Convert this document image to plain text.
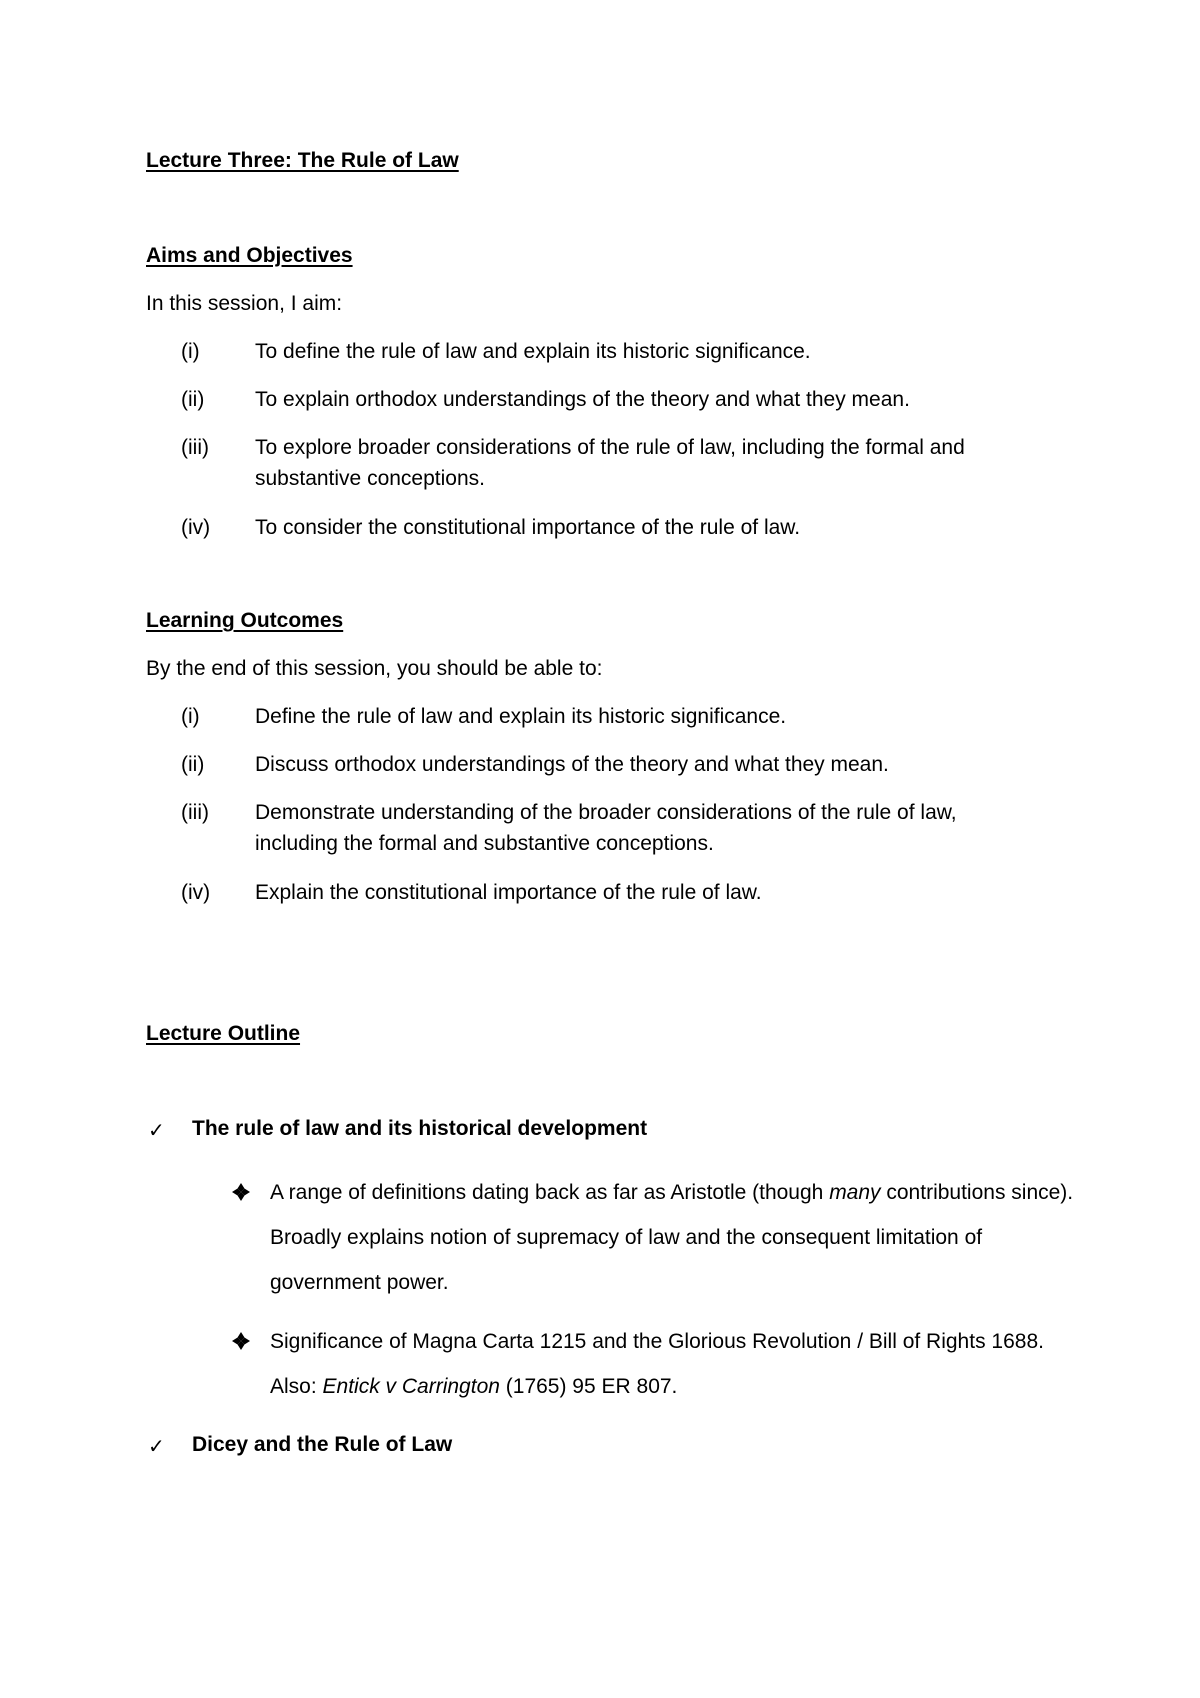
Lecture Three: The Rule of Law
Aims and Objectives
In this session, I aim:
(i)	To define the rule of law and explain its historic significance.
(ii) To explain orthodox understandings of the theory and what they mean.
(iii) To explore broader considerations of the rule of law, including the formal and
substantive conceptions.
(iv) To consider the constitutional importance of the rule of law.
Learning Outcomes
By the end of this session, you should be able to:
(i)	Define the rule of law and explain its historic significance.
(ii) Discuss orthodox understandings of the theory and what they mean.
(iii) Demonstrate understanding of the broader considerations of the rule of law,
including the formal and substantive conceptions.
(iv) Explain the constitutional importance of the rule of law.
Lecture Outline
✓ The rule of law and its historical development
A range of definitions dating back as far as Aristotle (though many contributions since). Broadly explains notion of supremacy of law and the consequent limitation of government power.
Significance of Magna Carta 1215 and the Glorious Revolution / Bill of Rights 1688. Also: Entick v Carrington (1765) 95 ER 807.
✓ Dicey and the Rule of Law
